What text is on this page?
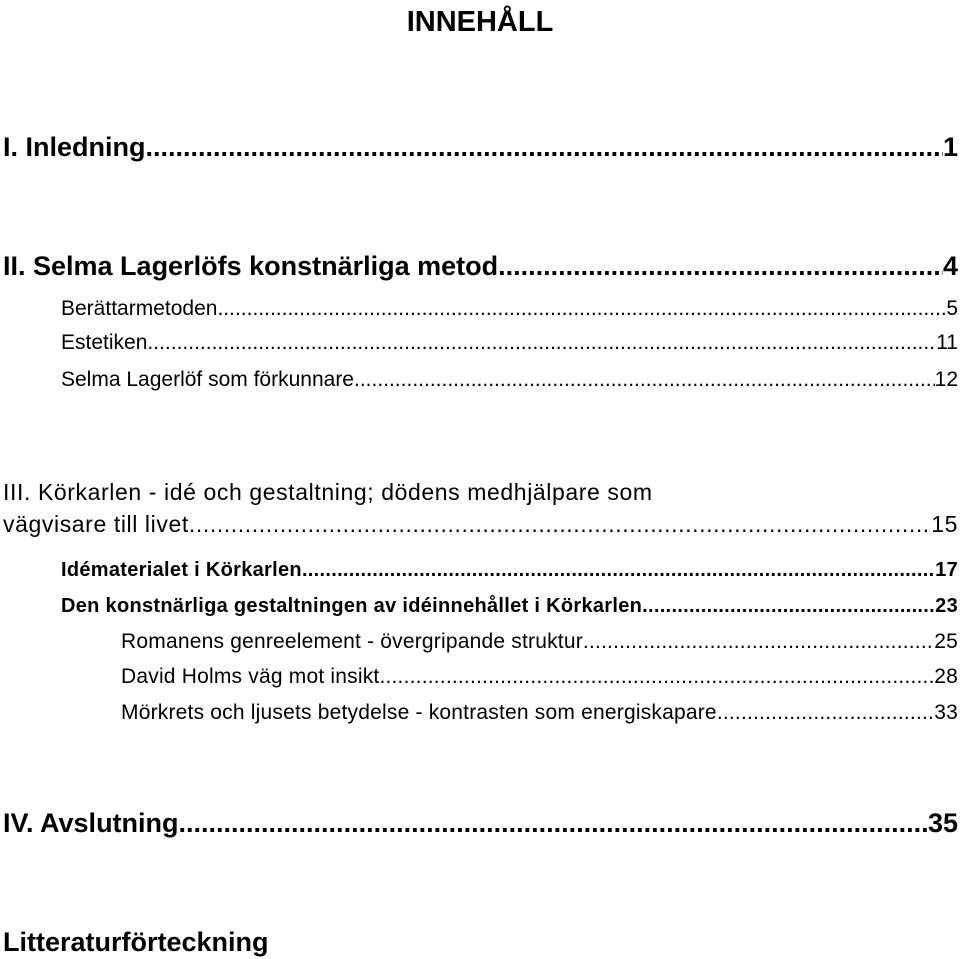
INNEHÅLL
I. Inledning .....	1
II. Selma Lagerlöfs konstnärliga metod .....	4
Berättarmetoden .....	5
Estetiken .....	11
Selma Lagerlöf som förkunnare .....	12
III. Körkarlen - idé och gestaltning; dödens medhjälpare som
vägvisare till livet .....	15
Idématerialet i Körkarlen .....	17
Den konstnärliga gestaltningen av idéinnehållet i Körkarlen .....	23
Romanens genreelement - övergripande struktur .....	25
David Holms väg mot insikt .....	28
Mörkrets och ljusets betydelse - kontrasten som energiskapare .....	33
IV. Avslutning .....	35
Litteraturförteckning
